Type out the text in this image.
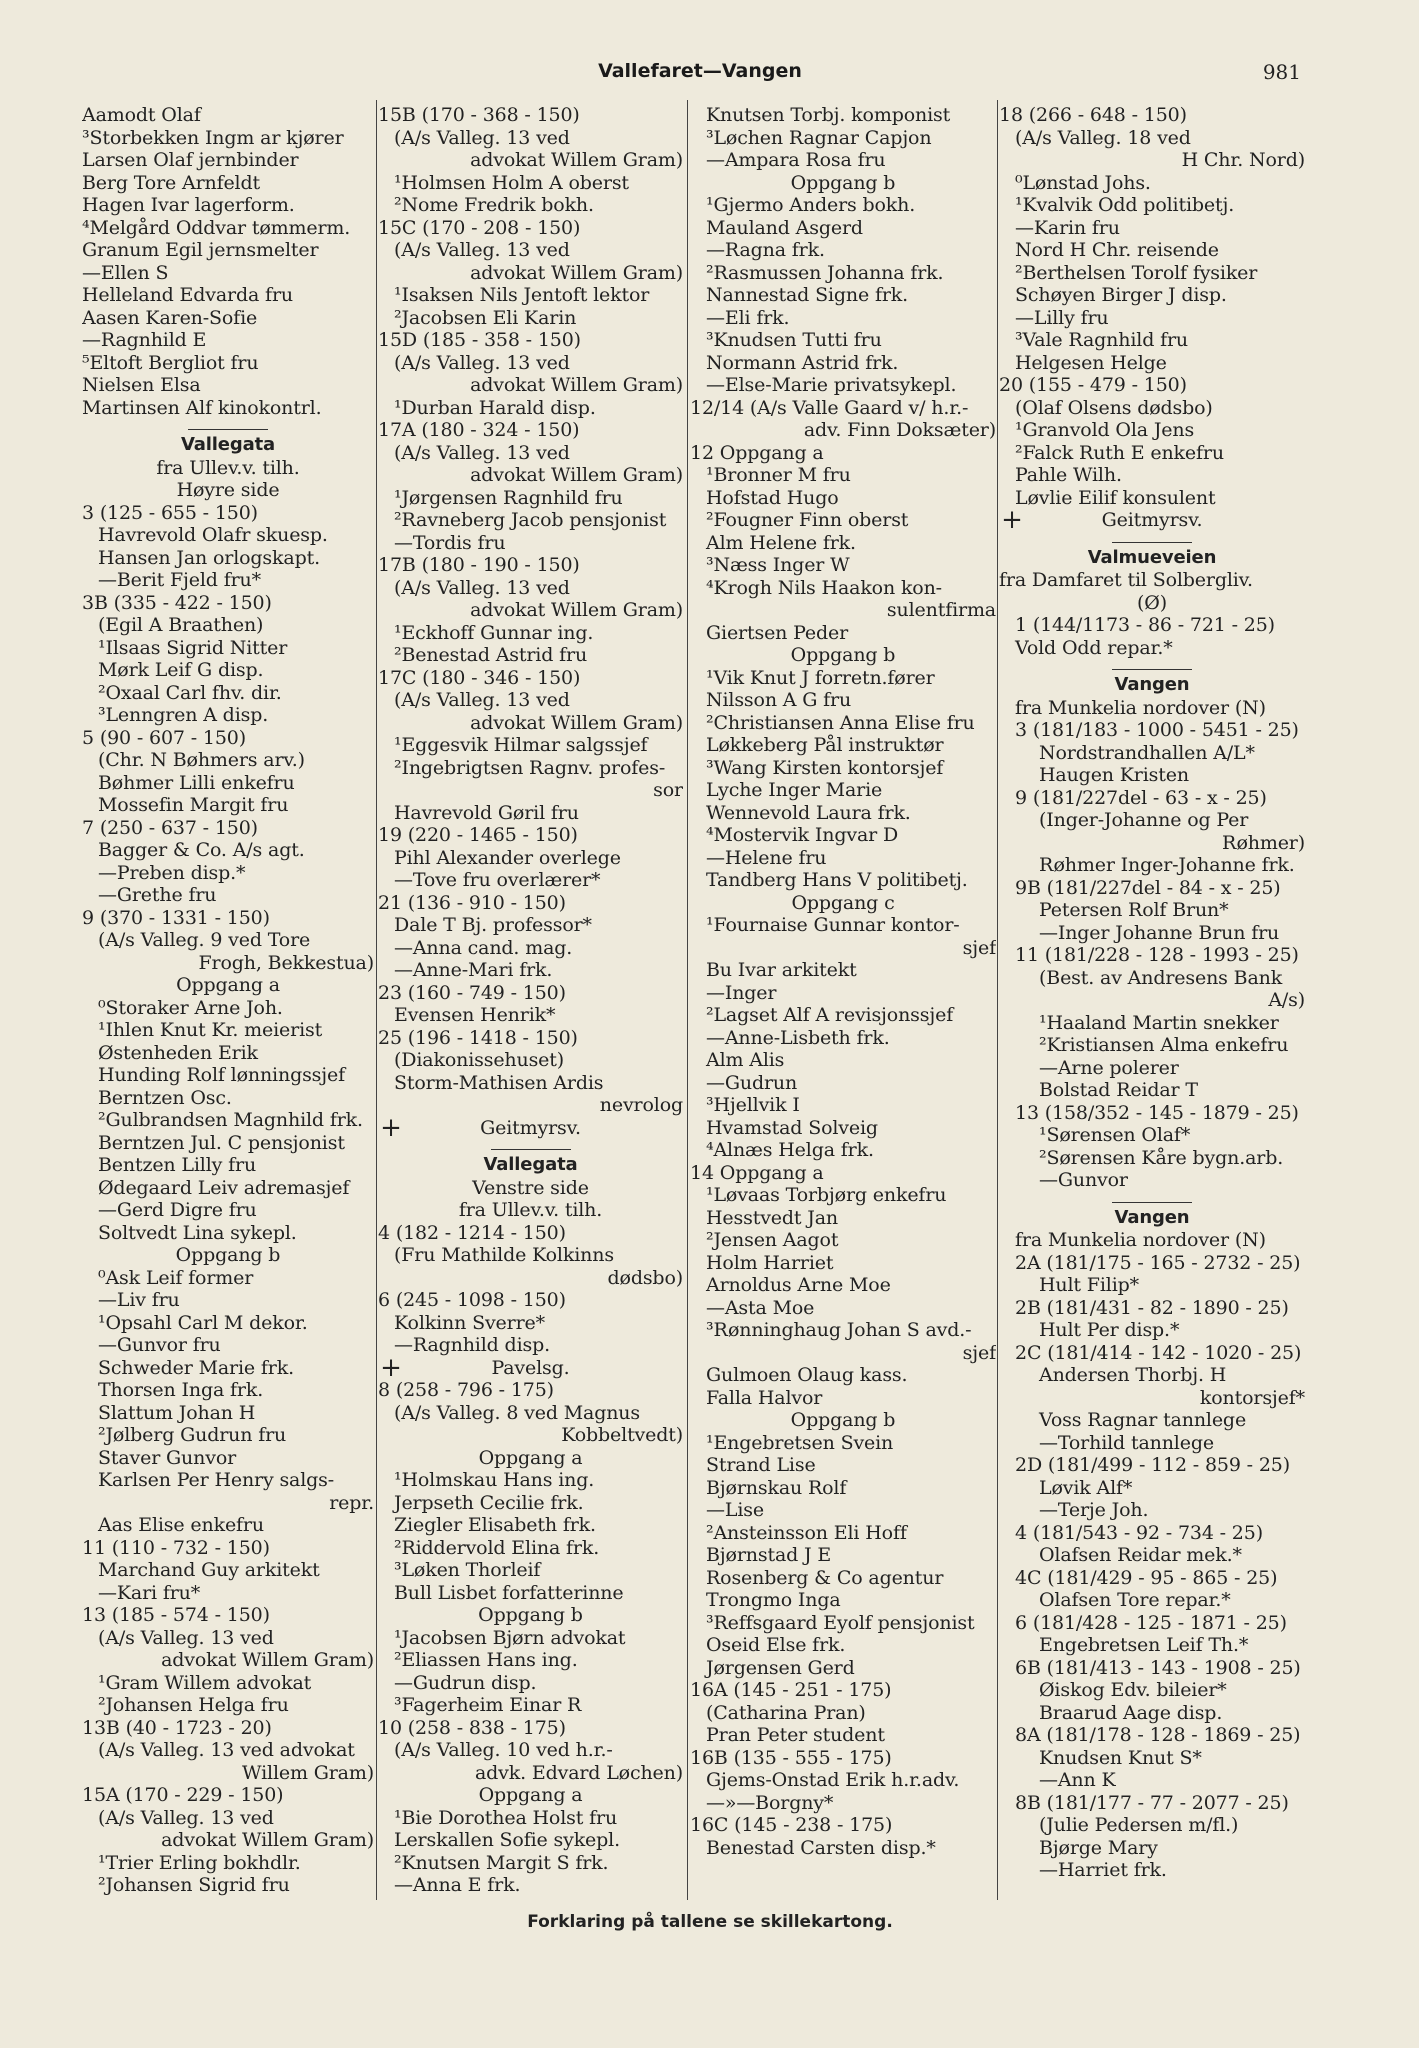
Vallefaret—Vangen	981
Aamodt Olaf
³Storbekken Ingm ar kjører
Larsen Olaf jernbinder
Berg Tore Arnfeldt
Hagen Ivar lagerform.
⁴Melgård Oddvar tømmerm.
Granum Egil jernsmelter
—Ellen S
Helleland Edvarda fru
Aasen Karen-Sofie
—Ragnhild E
⁵Eltoft Bergliot fru
Nielsen Elsa
Martinsen Alf kinokontrl.
Vallegata
fra Ullev.v. tilh.
Høyre side
3 (125 - 655 - 150)
Havrevold Olafr skuesp.
Hansen Jan orlogskapt.
—Berit Fjeld fru*
3B (335 - 422 - 150)
(Egil A Braathen)
¹Ilsaas Sigrid Nitter
Mørk Leif G disp.
²Oxaal Carl fhv. dir.
³Lenngren A disp.
5 (90 - 607 - 150)
(Chr. N Bøhmers arv.)
Bøhmer Lilli enkefru
Mossefin Margit fru
7 (250 - 637 - 150)
Bagger & Co. A/s agt.
—Preben disp.*
—Grethe fru
9 (370 - 1331 - 150)
(A/s Valleg. 9 ved Tore
Frogh, Bekkestua)
Oppgang a
⁰Storaker Arne Joh.
¹Ihlen Knut Kr. meierist
Østenheden Erik
Hunding Rolf lønningssjef
Berntzen Osc.
²Gulbrandsen Magnhild frk.
Berntzen Jul. C pensjonist
Bentzen Lilly fru
Ødegaard Leiv adremasjef
—Gerd Digre fru
Soltvedt Lina sykepl.
Oppgang b
⁰Ask Leif former
—Liv fru
¹Opsahl Carl M dekor.
—Gunvor fru
Schweder Marie frk.
Thorsen Inga frk.
Slattum Johan H
²Jølberg Gudrun fru
Staver Gunvor
Karlsen Per Henry salgs-
repr.
Aas Elise enkefru
11 (110 - 732 - 150)
Marchand Guy arkitekt
—Kari fru*
13 (185 - 574 - 150)
(A/s Valleg. 13 ved
advokat Willem Gram)
¹Gram Willem advokat
²Johansen Helga fru
13B (40 - 1723 - 20)
(A/s Valleg. 13 ved advokat
Willem Gram)
15A (170 - 229 - 150)
(A/s Valleg. 13 ved
advokat Willem Gram)
¹Trier Erling bokhdlr.
²Johansen Sigrid fru
15B (170 - 368 - 150)
(A/s Valleg. 13 ved
advokat Willem Gram)
¹Holmsen Holm A oberst
²Nome Fredrik bokh.
15C (170 - 208 - 150)
(A/s Valleg. 13 ved
advokat Willem Gram)
¹Isaksen Nils Jentoft lektor
²Jacobsen Eli Karin
15D (185 - 358 - 150)
(A/s Valleg. 13 ved
advokat Willem Gram)
¹Durban Harald disp.
17A (180 - 324 - 150)
(A/s Valleg. 13 ved
advokat Willem Gram)
¹Jørgensen Ragnhild fru
²Ravneberg Jacob pensjonist
—Tordis fru
17B (180 - 190 - 150)
(A/s Valleg. 13 ved
advokat Willem Gram)
¹Eckhoff Gunnar ing.
²Benestad Astrid fru
17C (180 - 346 - 150)
(A/s Valleg. 13 ved
advokat Willem Gram)
¹Eggesvik Hilmar salgssjef
²Ingebrigtsen Ragnv. profes-
sor
Havrevold Gøril fru
19 (220 - 1465 - 150)
Pihl Alexander overlege
—Tove fru overlærer*
21 (136 - 910 - 150)
Dale T Bj. professor*
—Anna cand. mag.
—Anne-Mari frk.
23 (160 - 749 - 150)
Evensen Henrik*
25 (196 - 1418 - 150)
(Diakonissehuset)
Storm-Mathisen Ardis
nevrolog
+	Geitmyrsv.
Vallegata
Venstre side
fra Ullev.v. tilh.
4 (182 - 1214 - 150)
(Fru Mathilde Kolkinns
dødsbo)
6 (245 - 1098 - 150)
Kolkinn Sverre*
—Ragnhild disp.
+	Pavelsg.
8 (258 - 796 - 175)
(A/s Valleg. 8 ved Magnus
Kobbeltvedt)
Oppgang a
¹Holmskau Hans ing.
Jerpseth Cecilie frk.
Ziegler Elisabeth frk.
²Riddervold Elina frk.
³Løken Thorleif
Bull Lisbet forfatterinne
Oppgang b
¹Jacobsen Bjørn advokat
²Eliassen Hans ing.
—Gudrun disp.
³Fagerheim Einar R
10 (258 - 838 - 175)
(A/s Valleg. 10 ved h.r.-
advk. Edvard Løchen)
Oppgang a
¹Bie Dorothea Holst fru
Lerskallen Sofie sykepl.
²Knutsen Margit S frk.
—Anna E frk.
Knutsen Torbj. komponist
³Løchen Ragnar Capjon
—Ampara Rosa fru
Oppgang b
¹Gjermo Anders bokh.
Mauland Asgerd
—Ragna frk.
²Rasmussen Johanna frk.
Nannestad Signe frk.
—Eli frk.
³Knudsen Tutti fru
Normann Astrid frk.
—Else-Marie privatsykepl.
12/14 (A/s Valle Gaard v/ h.r.-
adv. Finn Doksæter)
12 Oppgang a
¹Bronner M fru
Hofstad Hugo
²Fougner Finn oberst
Alm Helene frk.
³Næss Inger W
⁴Krogh Nils Haakon kon-
sulentfirma
Giertsen Peder
Oppgang b
¹Vik Knut J forretn.fører
Nilsson A G fru
²Christiansen Anna Elise fru
Løkkeberg Pål instruktør
³Wang Kirsten kontorsjef
Lyche Inger Marie
Wennevold Laura frk.
⁴Mostervik Ingvar D
—Helene fru
Tandberg Hans V politibetj.
Oppgang c
¹Fournaise Gunnar kontor-
sjef
Bu Ivar arkitekt
—Inger
²Lagset Alf A revisjonssjef
—Anne-Lisbeth frk.
Alm Alis
—Gudrun
³Hjellvik I
Hvamstad Solveig
⁴Alnæs Helga frk.
14 Oppgang a
¹Løvaas Torbjørg enkefru
Hesstvedt Jan
²Jensen Aagot
Holm Harriet
Arnoldus Arne Moe
—Asta Moe
³Rønninghaug Johan S avd.-
sjef
Gulmoen Olaug kass.
Falla Halvor
Oppgang b
¹Engebretsen Svein
Strand Lise
Bjørnskau Rolf
—Lise
²Ansteinsson Eli Hoff
Bjørnstad J E
Rosenberg & Co agentur
Trongmo Inga
³Reffsgaard Eyolf pensjonist
Oseid Else frk.
Jørgensen Gerd
16A (145 - 251 - 175)
(Catharina Pran)
Pran Peter student
16B (135 - 555 - 175)
Gjems-Onstad Erik h.r.adv.
—»—Borgny*
16C (145 - 238 - 175)
Benestad Carsten disp.*
18 (266 - 648 - 150)
(A/s Valleg. 18 ved
H Chr. Nord)
⁰Lønstad Johs.
¹Kvalvik Odd politibetj.
—Karin fru
Nord H Chr. reisende
²Berthelsen Torolf fysiker
Schøyen Birger J disp.
—Lilly fru
³Vale Ragnhild fru
Helgesen Helge
20 (155 - 479 - 150)
(Olaf Olsens dødsbo)
¹Granvold Ola Jens
²Falck Ruth E enkefru
Pahle Wilh.
Løvlie Eilif konsulent
+	Geitmyrsv.
Valmueveien
fra Damfaret til Solbergliv.
(Ø)
1 (144/1173 - 86 - 721 - 25)
Vold Odd repar.*
Vangen
fra Munkelia nordover (N)
3 (181/183 - 1000 - 5451 - 25)
Nordstrandhallen A/L*
Haugen Kristen
9 (181/227del - 63 - x - 25)
(Inger-Johanne og Per
Røhmer)
Røhmer Inger-Johanne frk.
9B (181/227del - 84 - x - 25)
Petersen Rolf Brun*
—Inger Johanne Brun fru
11 (181/228 - 128 - 1993 - 25)
(Best. av Andresens Bank
A/s)
¹Haaland Martin snekker
²Kristiansen Alma enkefru
—Arne polerer
Bolstad Reidar T
13 (158/352 - 145 - 1879 - 25)
¹Sørensen Olaf*
²Sørensen Kåre bygn.arb.
—Gunvor
Vangen
fra Munkelia nordover (N)
2A (181/175 - 165 - 2732 - 25)
Hult Filip*
2B (181/431 - 82 - 1890 - 25)
Hult Per disp.*
2C (181/414 - 142 - 1020 - 25)
Andersen Thorbj. H
kontorsjef*
Voss Ragnar tannlege
—Torhild tannlege
2D (181/499 - 112 - 859 - 25)
Løvik Alf*
—Terje Joh.
4 (181/543 - 92 - 734 - 25)
Olafsen Reidar mek.*
4C (181/429 - 95 - 865 - 25)
Olafsen Tore repar.*
6 (181/428 - 125 - 1871 - 25)
Engebretsen Leif Th.*
6B (181/413 - 143 - 1908 - 25)
Øiskog Edv. bileier*
Braarud Aage disp.
8A (181/178 - 128 - 1869 - 25)
Knudsen Knut S*
—Ann K
8B (181/177 - 77 - 2077 - 25)
(Julie Pedersen m/fl.)
Bjørge Mary
—Harriet frk.
Forklaring på tallene se skillekartong.
